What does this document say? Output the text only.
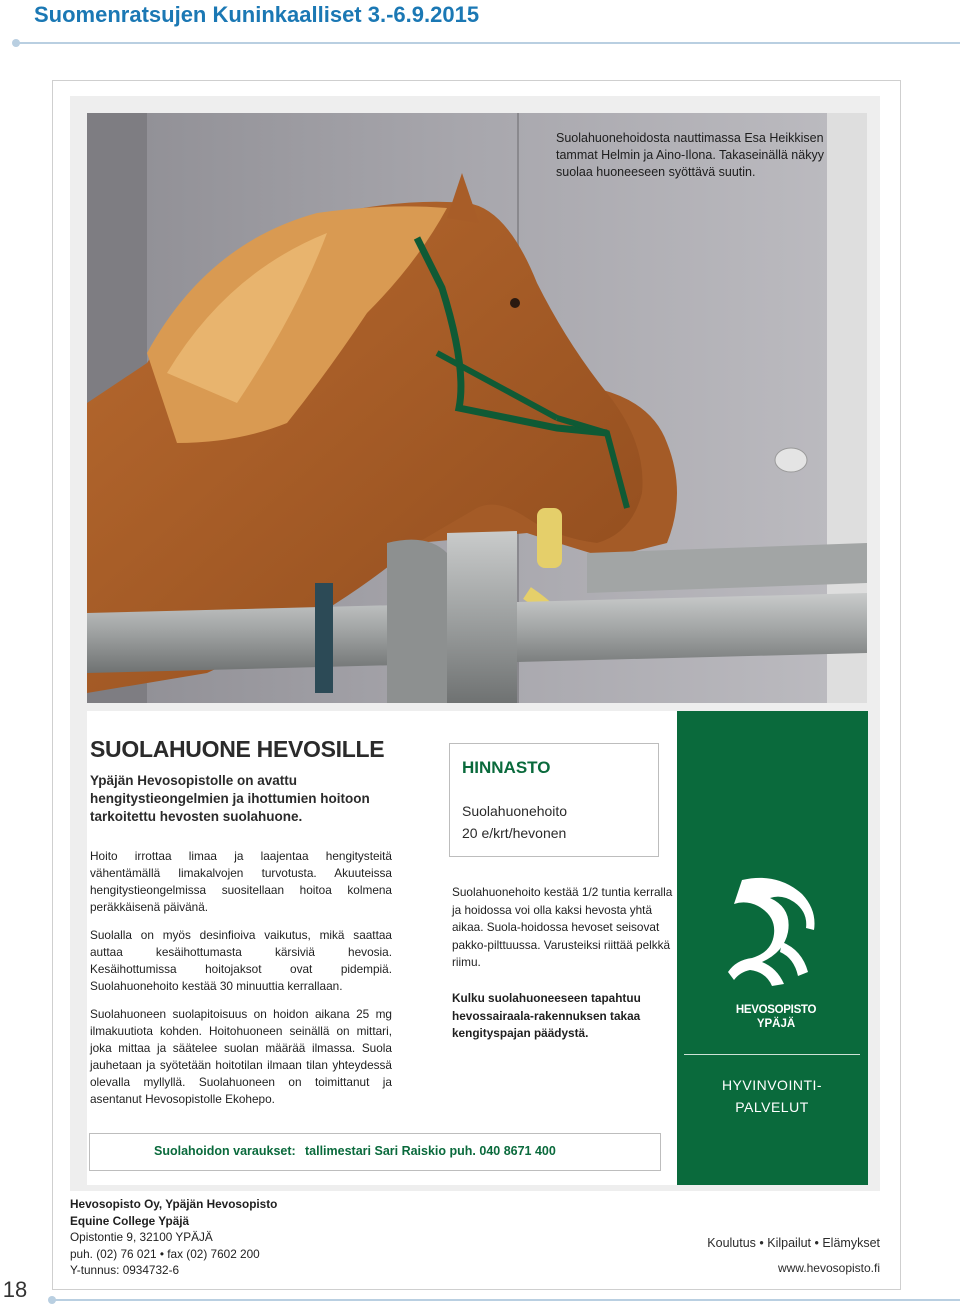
Suomenratsujen Kuninkaalliset 3.-6.9.2015
Suolahuonehoidosta nauttimassa Esa Heikkisen tammat Helmin ja Aino-Ilona. Takaseinällä näkyy suolaa huoneeseen syöttävä suutin.
SUOLAHUONE HEVOSILLE
Ypäjän Hevosopistolle on avattu hengitystieongelmien ja ihottumien hoitoon tarkoitettu hevosten suolahuone.

Hoito irrottaa limaa ja laajentaa hengitysteitä vähentämällä limakalvojen turvotusta. Akuuteissa hengitystieongelmissa suositellaan hoitoa kolmena peräkkäisenä päivänä.

Suolalla on myös desinfioiva vaikutus, mikä saattaa auttaa kesäihottumasta kärsiviä hevosia. Kesäihottumissa hoitojaksot ovat pidempiä. Suolahuonehoito kestää 30 minuuttia kerrallaan.

Suolahuoneen suolapitoisuus on hoidon aikana 25 mg ilmakuutiota kohden. Hoitohuoneen seinällä on mittari, joka mittaa ja säätelee suolan määrää ilmassa. Suola jauhetaan ja syötetään hoitotilan ilmaan tilan yhteydessä olevalla myllyllä. Suolahuoneen on toimittanut ja asentanut Hevosopistolle Ekohepo.

HINNASTO
Suolahuonehoito
20 e/krt/hevonen
Suolahuonehoito kestää 1/2 tuntia kerralla ja hoidossa voi olla kaksi hevosta yhtä aikaa. Suola-hoidossa hevoset seisovat pakko-pilttuussa. Varusteiksi riittää pelkkä riimu.
Kulku suolahuoneeseen tapahtuu hevossairaala-rakennuksen takaa kengityspajan päädystä.
Suolahoidon varaukset: tallimestari Sari Raiskio puh. 040 8671 400
HEVOSOPISTO
YPÄJÄ
HYVINVOINTI-
PALVELUT
Hevosopisto Oy, Ypäjän Hevosopisto
Equine College Ypäjä
Opistontie 9, 32100 YPÄJÄ
puh. (02) 76 021 • fax (02) 7602 200
Y-tunnus: 0934732-6
Koulutus • Kilpailut • Elämykset
www.hevosopisto.fi
18
